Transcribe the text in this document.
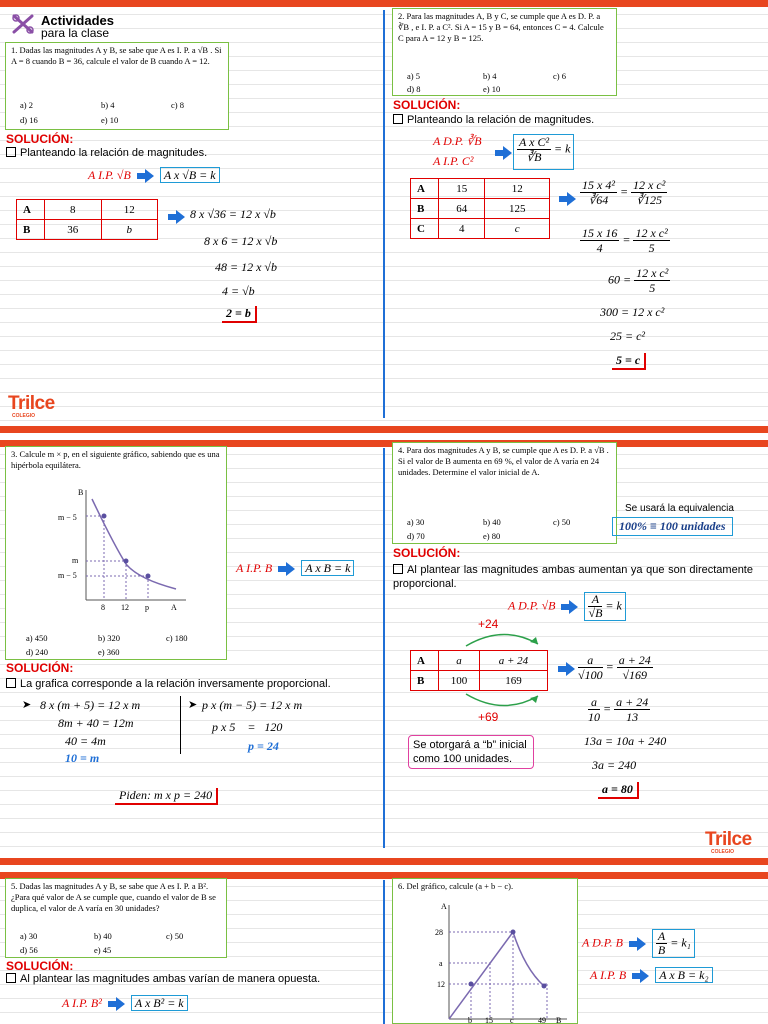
Actividades
para la clase
1. Dadas las magnitudes A y B, se sabe que A es I. P. a √B . Si A = 8 cuando B = 36, calcule el valor de B cuando A = 12.
a) 2	b) 4	c) 8
d) 16	e) 10
SOLUCIÓN:
Planteando la relación de magnitudes.
A I.P. √B	A x √B = k
A	8	12
B	36	b
8 x √36 = 12 x √b
8 x 6 = 12 x √b
48 = 12 x √b
4 = √b
2 = b
Trilce
COLEGIO
2. Para las magnitudes A, B y C, se cumple que A es D. P. a ∛B , e I. P. a C². Si A = 15 y B = 64, entonces C = 4. Calcule C para A = 12 y B = 125.
a) 5	b) 4	c) 6
d) 8	e) 10
SOLUCIÓN:
Planteando la relación de magnitudes.
A D.P. ∛B
A I.P. C²	$\frac{\text{A x C²}}{∛B} = k$
A	15	12
B	64	125
C	4	c
$\frac{\text{15 x 4²}}{∛64} = \frac{\text{12 x c²}}{∛125}$
$\frac{15 x 16}{4} = \frac{\text{12 x c²}}{5}$
$60 = \frac{\text{12 x c²}}{5}$
300 = 12 x c²
25 = c²
5 = c
3. Calcule m × p, en el siguiente gráfico, sabiendo que es una hipérbola equilátera.
B
m − 5
m
m − 5
8 12 p	A
a) 450	b) 320	c) 180
d) 240	e) 360
A I.P. B	A x B = k
SOLUCIÓN:
La grafica corresponde a la relación inversamente proporcional.
➤ 8 x (m + 5) = 12 x m
8m + 40 = 12m
40 = 4m
10 = m
➤ p x (m − 5) = 12 x m
p x 5    =   120
p = 24
Piden: m x p = 240
4. Para dos magnitudes A y B, se cumple que A es D. P. a √B . Si el valor de B aumenta en 69 %, el valor de A varía en 24 unidades. Determine el valor inicial de A.
a) 30	b) 40	c) 50
d) 70	e) 80
Se usará la equivalencia
100% ≡ 100 unidades
SOLUCIÓN:
Al plantear las magnitudes ambas aumentan ya que son directamente proporcional.
A D.P. √B	$\frac{A}{√B} = k$
+24
A	a	a + 24
B	100	169
+69
$\frac{a}{√100} = \frac{a + 24}{√169}$
$\frac{a}{10} = \frac{a + 24}{13}$
Se otorgará a “b” inicial como 100 unidades.
13a = 10a + 240
3a = 240
a = 80
Trilce
COLEGIO
5. Dadas las magnitudes A y B, se sabe que A es I. P. a B². ¿Para qué valor de A se cumple que, cuando el valor de B se duplica, el valor de A varía en 30 unidades?
a) 30	b) 40	c) 50
d) 56	e) 45
SOLUCIÓN:
Al plantear las magnitudes ambas varían de manera opuesta.
A I.P. B²	A x B² = k
6. Del gráfico, calcule (a + b − c).
A
28
a
12
b 15 c	49 B
A D.P. B	$\frac{A}{B} = k_1$
A I.P. B	A x B = k₂
